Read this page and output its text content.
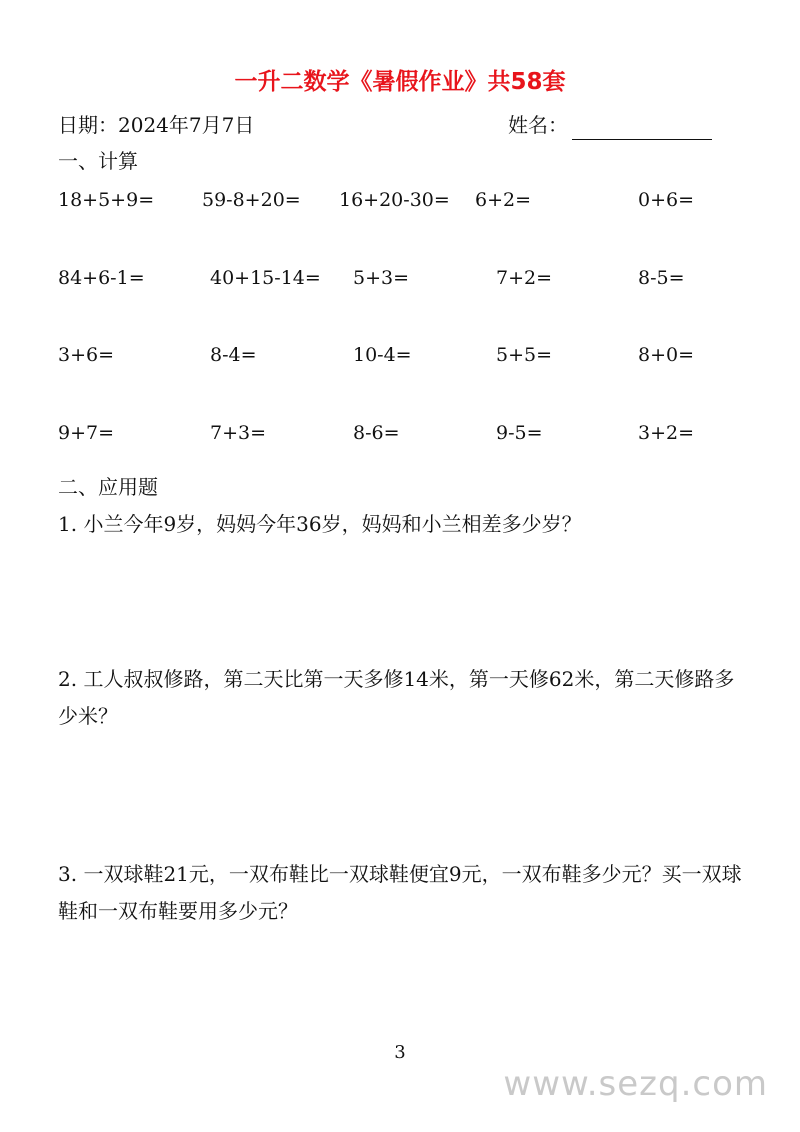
一升二数学《暑假作业》共58套
日期：2024年7月7日	姓名：
一、计算
18+5+9=	59-8+20= 16+20-30= 6+2=	0+6=
84+6-1=	40+15-14= 5+3=	7+2=	8-5=
3+6=	8-4=	10-4=	5+5=	8+0=
9+7=	7+3=	8-6=	9-5=	3+2=
二、应用题
1. 小兰今年9岁，妈妈今年36岁，妈妈和小兰相差多少岁？
2. 工人叔叔修路，第二天比第一天多修14米，第一天修62米，第二天修路多少米？
3. 一双球鞋21元，一双布鞋比一双球鞋便宜9元，一双布鞋多少元？买一双球鞋和一双布鞋要用多少元？
3
www.sezq.com
